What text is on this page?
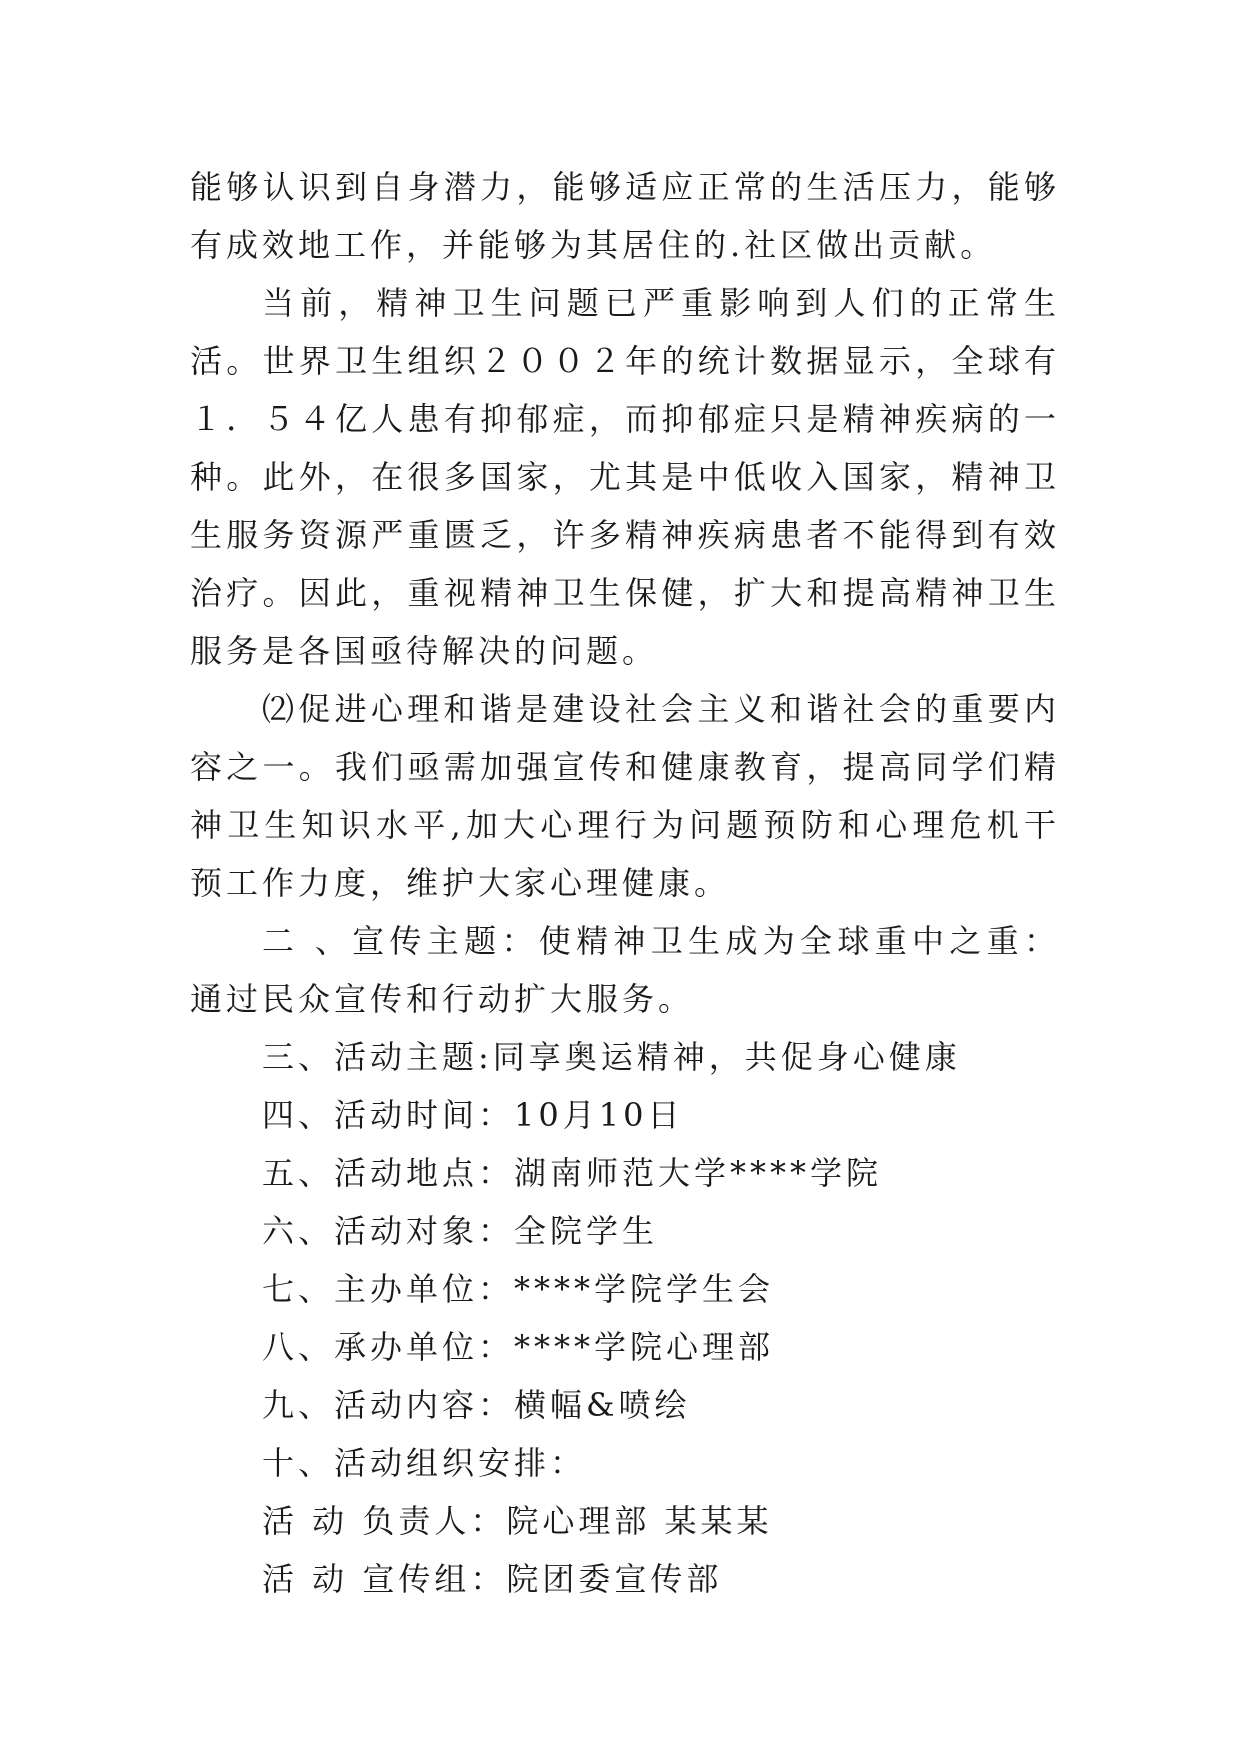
能够认识到自身潜力，能够适应正常的生活压力，能够有成效地工作，并能够为其居住的.社区做出贡献。

当前，精神卫生问题已严重影响到人们的正常生活。世界卫生组织２００２年的统计数据显示，全球有１．５４亿人患有抑郁症，而抑郁症只是精神疾病的一种。此外，在很多国家，尤其是中低收入国家，精神卫生服务资源严重匮乏，许多精神疾病患者不能得到有效治疗。因此，重视精神卫生保健，扩大和提高精神卫生服务是各国亟待解决的问题。

⑵促进心理和谐是建设社会主义和谐社会的重要内容之一。我们亟需加强宣传和健康教育，提高同学们精神卫生知识水平,加大心理行为问题预防和心理危机干预工作力度，维护大家心理健康。

二 、宣传主题：使精神卫生成为全球重中之重：通过民众宣传和行动扩大服务。

三、活动主题:同享奥运精神，共促身心健康

四、活动时间：10月10日

五、活动地点：湖南师范大学****学院

六、活动对象：全院学生

七、主办单位：****学院学生会

八、承办单位：****学院心理部

九、活动内容：横幅&喷绘

十、活动组织安排：

活 动 负责人：院心理部 某某某

活 动 宣传组：院团委宣传部
